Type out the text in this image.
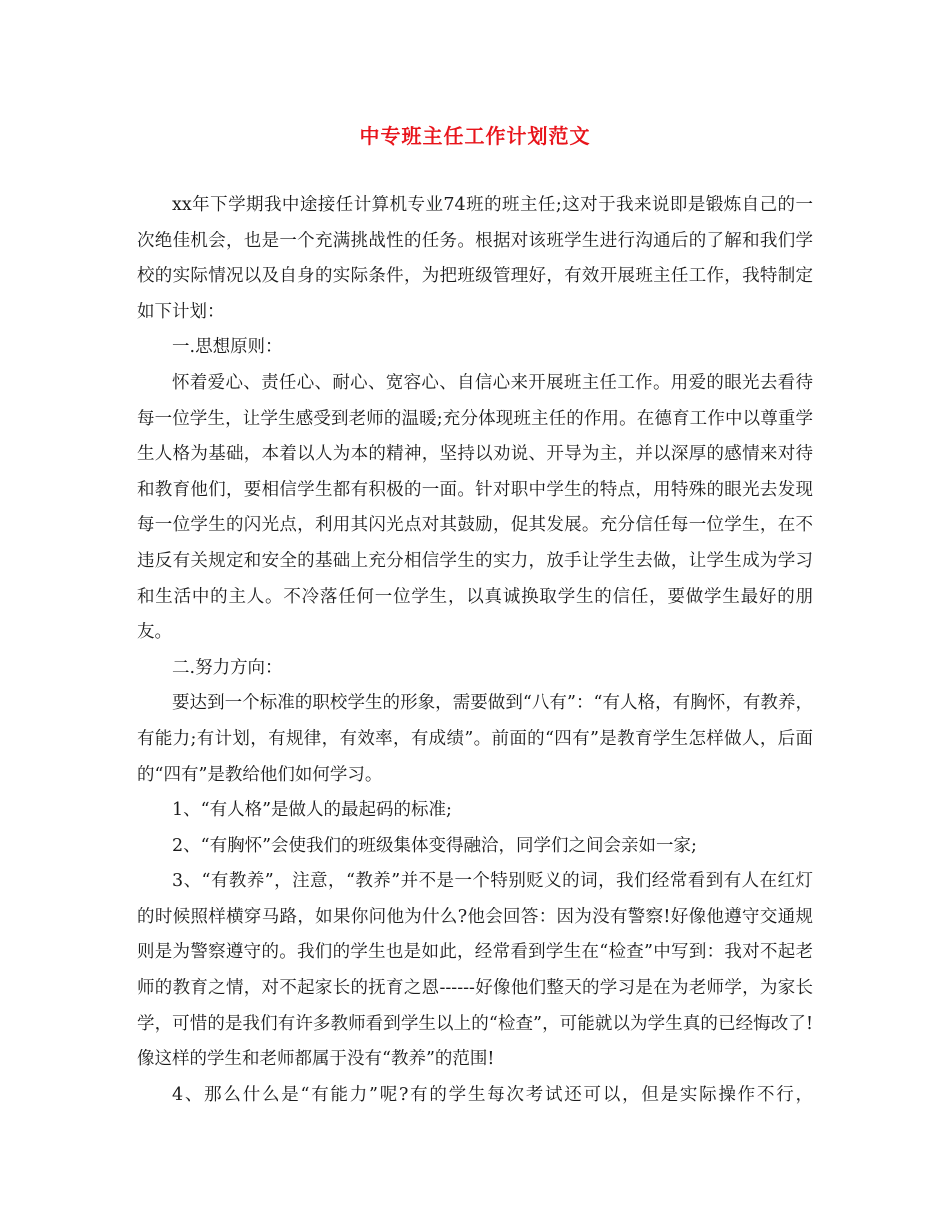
中专班主任工作计划范文

xx年下学期我中途接任计算机专业74班的班主任;这对于我来说即是锻炼自己的一次绝佳机会，也是一个充满挑战性的任务。根据对该班学生进行沟通后的了解和我们学校的实际情况以及自身的实际条件，为把班级管理好，有效开展班主任工作，我特制定如下计划：

一.思想原则：

怀着爱心、责任心、耐心、宽容心、自信心来开展班主任工作。用爱的眼光去看待每一位学生，让学生感受到老师的温暖;充分体现班主任的作用。在德育工作中以尊重学生人格为基础，本着以人为本的精神，坚持以劝说、开导为主，并以深厚的感情来对待和教育他们，要相信学生都有积极的一面。针对职中学生的特点，用特殊的眼光去发现每一位学生的闪光点，利用其闪光点对其鼓励，促其发展。充分信任每一位学生，在不违反有关规定和安全的基础上充分相信学生的实力，放手让学生去做，让学生成为学习和生活中的主人。不冷落任何一位学生，以真诚换取学生的信任，要做学生最好的朋友。

二.努力方向：

要达到一个标准的职校学生的形象，需要做到“八有”：“有人格，有胸怀，有教养，有能力;有计划，有规律，有效率，有成绩”。前面的“四有”是教育学生怎样做人，后面的“四有”是教给他们如何学习。

1、“有人格”是做人的最起码的标准;

2、“有胸怀”会使我们的班级集体变得融洽，同学们之间会亲如一家;

3、“有教养”，注意，“教养”并不是一个特别贬义的词，我们经常看到有人在红灯的时候照样横穿马路，如果你问他为什么?他会回答：因为没有警察!好像他遵守交通规则是为警察遵守的。我们的学生也是如此，经常看到学生在“检查”中写到：我对不起老师的教育之情，对不起家长的抚育之恩------好像他们整天的学习是在为老师学，为家长学，可惜的是我们有许多教师看到学生以上的“检查”，可能就以为学生真的已经悔改了!像这样的学生和老师都属于没有“教养”的范围!

4、那么什么是“有能力”呢?有的学生每次考试还可以，但是实际操作不行，
